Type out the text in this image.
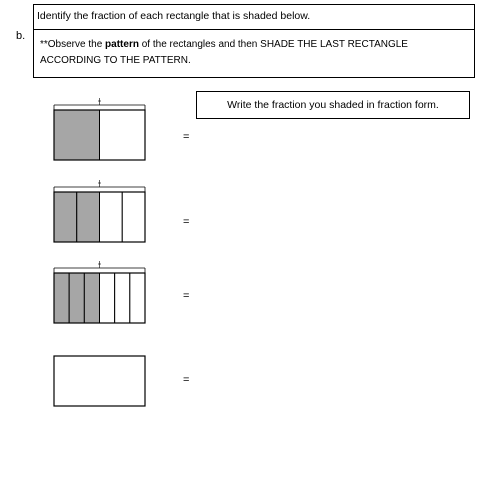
b.
Identify the fraction of each rectangle that is shaded below.
**Observe the pattern of the rectangles and then SHADE THE LAST RECTANGLE ACCORDING TO THE PATTERN.
Write the fraction you shaded in fraction form.
=
=
=
=
